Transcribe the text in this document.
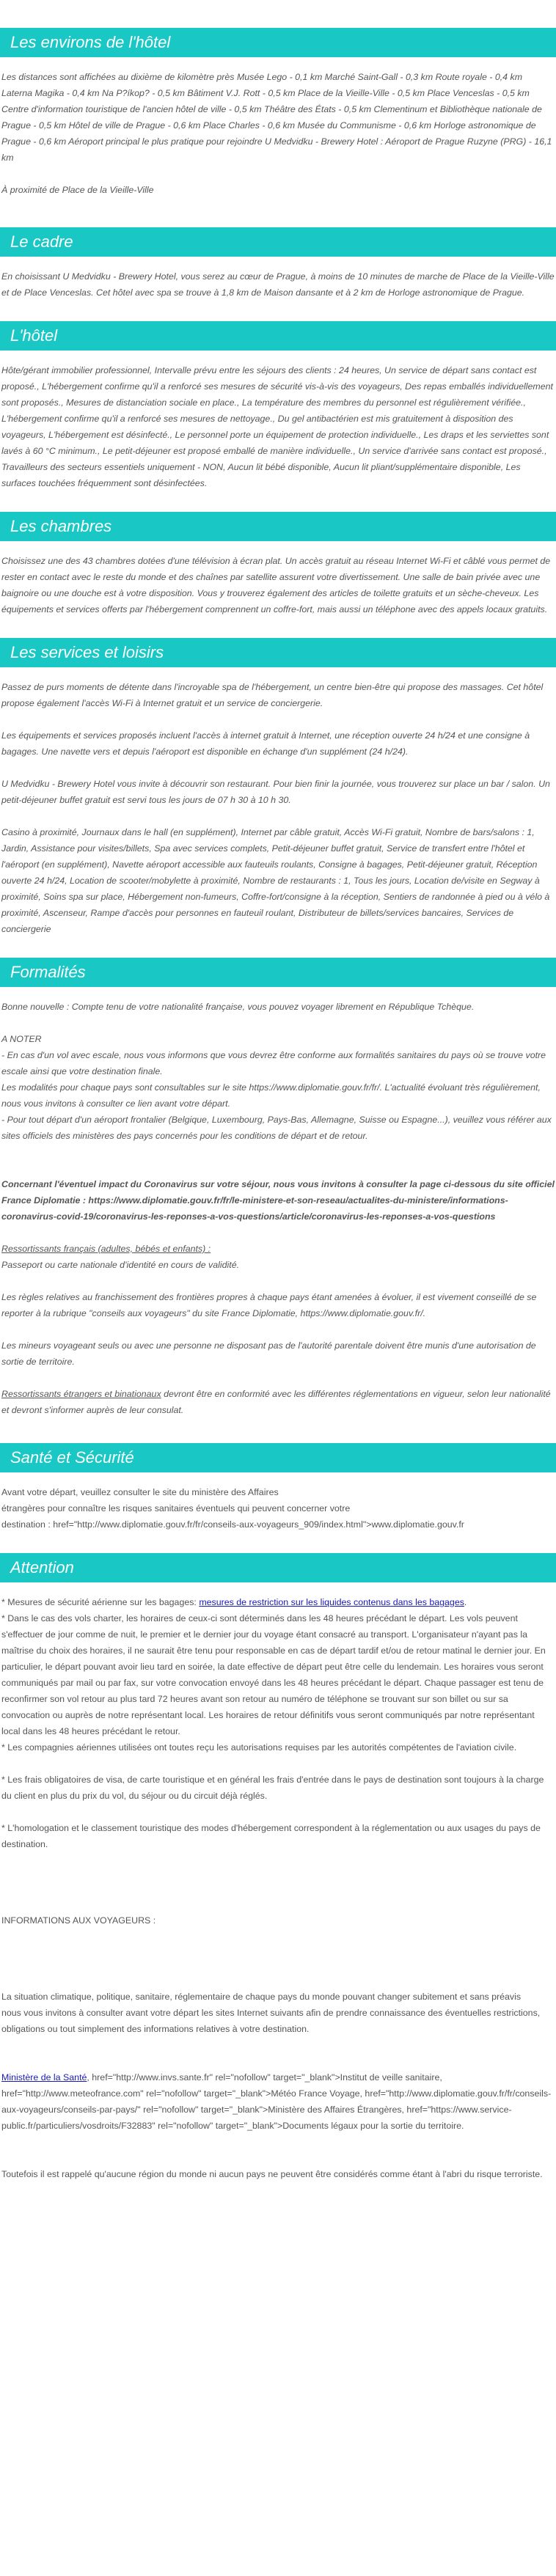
Les environs de l'hôtel

Les distances sont affichées au dixième de kilomètre près Musée Lego - 0,1 km Marché Saint-Gall - 0,3 km Route royale - 0,4 km Laterna Magika - 0,4 km Na P?íkop? - 0,5 km Bâtiment V.J. Rott - 0,5 km Place de la Vieille-Ville - 0,5 km Place Venceslas - 0,5 km Centre d'information touristique de l'ancien hôtel de ville - 0,5 km Théâtre des États - 0,5 km Clementinum et Bibliothèque nationale de Prague - 0,5 km Hôtel de ville de Prague - 0,6 km Place Charles - 0,6 km Musée du Communisme - 0,6 km Horloge astronomique de Prague - 0,6 km Aéroport principal le plus pratique pour rejoindre U Medvidku - Brewery Hotel : Aéroport de Prague Ruzyne (PRG) - 16,1 km

À proximité de Place de la Vieille-Ville

Le cadre

En choisissant U Medvidku - Brewery Hotel, vous serez au cœur de Prague, à moins de 10 minutes de marche de Place de la Vieille-Ville et de Place Venceslas. Cet hôtel avec spa se trouve à 1,8 km de Maison dansante et à 2 km de Horloge astronomique de Prague.

L'hôtel

Hôte/gérant immobilier professionnel, Intervalle prévu entre les séjours des clients : 24 heures, Un service de départ sans contact est proposé., L'hébergement confirme qu'il a renforcé ses mesures de sécurité vis-à-vis des voyageurs, Des repas emballés individuellement sont proposés., Mesures de distanciation sociale en place., La température des membres du personnel est régulièrement vérifiée., L'hébergement confirme qu'il a renforcé ses mesures de nettoyage., Du gel antibactérien est mis gratuitement à disposition des voyageurs, L'hébergement est désinfecté., Le personnel porte un équipement de protection individuelle., Les draps et les serviettes sont lavés à 60 °C minimum., Le petit-déjeuner est proposé emballé de manière individuelle., Un service d'arrivée sans contact est proposé., Travailleurs des secteurs essentiels uniquement - NON, Aucun lit bébé disponible, Aucun lit pliant/supplémentaire disponible, Les surfaces touchées fréquemment sont désinfectées.

Les chambres

Choisissez une des 43 chambres dotées d'une télévision à écran plat. Un accès gratuit au réseau Internet Wi-Fi et câblé vous permet de rester en contact avec le reste du monde et des chaînes par satellite assurent votre divertissement. Une salle de bain privée avec une baignoire ou une douche est à votre disposition. Vous y trouverez également des articles de toilette gratuits et un sèche-cheveux. Les équipements et services offerts par l'hébergement comprennent un coffre-fort, mais aussi un téléphone avec des appels locaux gratuits.

Les services et loisirs

Passez de purs moments de détente dans l'incroyable spa de l'hébergement, un centre bien-être qui propose des massages. Cet hôtel propose également l'accès Wi-Fi à Internet gratuit et un service de conciergerie.

Les équipements et services proposés incluent l'accès à internet gratuit à Internet, une réception ouverte 24 h/24 et une consigne à bagages. Une navette vers et depuis l'aéroport est disponible en échange d'un supplément (24 h/24).

U Medvidku - Brewery Hotel vous invite à découvrir son restaurant. Pour bien finir la journée, vous trouverez sur place un bar / salon. Un petit-déjeuner buffet gratuit est servi tous les jours de 07 h 30 à 10 h 30.

Casino à proximité, Journaux dans le hall (en supplément), Internet par câble gratuit, Accès Wi-Fi gratuit, Nombre de bars/salons : 1, Jardin, Assistance pour visites/billets, Spa avec services complets, Petit-déjeuner buffet gratuit, Service de transfert entre l'hôtel et l'aéroport (en supplément), Navette aéroport accessible aux fauteuils roulants, Consigne à bagages, Petit-déjeuner gratuit, Réception ouverte 24 h/24, Location de scooter/mobylette à proximité, Nombre de restaurants : 1, Tous les jours, Location de/visite en Segway à proximité, Soins spa sur place, Hébergement non-fumeurs, Coffre-fort/consigne à la réception, Sentiers de randonnée à pied ou à vélo à proximité, Ascenseur, Rampe d'accès pour personnes en fauteuil roulant, Distributeur de billets/services bancaires, Services de conciergerie

Formalités

Bonne nouvelle : Compte tenu de votre nationalité française, vous pouvez voyager librement en République Tchèque.

A NOTER

- En cas d'un vol avec escale, nous vous informons que vous devrez être conforme aux formalités sanitaires du pays où se trouve votre escale ainsi que votre destination finale.

Les modalités pour chaque pays sont consultables sur le site https://www.diplomatie.gouv.fr/fr/. L'actualité évoluant très régulièrement, nous vous invitons à consulter ce lien avant votre départ.

- Pour tout départ d'un aéroport frontalier (Belgique, Luxembourg, Pays-Bas, Allemagne, Suisse ou Espagne...), veuillez vous référer aux sites officiels des ministères des pays concernés pour les conditions de départ et de retour.

Concernant l'éventuel impact du Coronavirus sur votre séjour, nous vous invitons à consulter la page ci-dessous du site officiel France Diplomatie : https://www.diplomatie.gouv.fr/fr/le-ministere-et-son-reseau/actualites-du-ministere/informations-coronavirus-covid-19/coronavirus-les-reponses-a-vos-questions/article/coronavirus-les-reponses-a-vos-questions

Ressortissants français (adultes, bébés et enfants) :

Passeport ou carte nationale d'identité en cours de validité.

Les règles relatives au franchissement des frontières propres à chaque pays étant amenées à évoluer, il est vivement conseillé de se reporter à la rubrique "conseils aux voyageurs" du site France Diplomatie, https://www.diplomatie.gouv.fr/.

Les mineurs voyageant seuls ou avec une personne ne disposant pas de l'autorité parentale doivent être munis d'une autorisation de sortie de territoire.

Ressortissants étrangers et binationaux devront être en conformité avec les différentes réglementations en vigueur, selon leur nationalité et devront s'informer auprès de leur consulat.

Santé et Sécurité

Avant votre départ, veuillez consulter le site du ministère des Affaires

étrangères pour connaître les risques sanitaires éventuels qui peuvent concerner votre

destination : href="http://www.diplomatie.gouv.fr/fr/conseils-aux-voyageurs_909/index.html">www.diplomatie.gouv.fr

Attention

* Mesures de sécurité aérienne sur les bagages: mesures de restriction sur les liquides contenus dans les bagages.

* Dans le cas des vols charter, les horaires de ceux-ci sont déterminés dans les 48 heures précédant le départ. Les vols peuvent s'effectuer de jour comme de nuit, le premier et le dernier jour du voyage étant consacré au transport. L'organisateur n'ayant pas la maîtrise du choix des horaires, il ne saurait être tenu pour responsable en cas de départ tardif et/ou de retour matinal le dernier jour. En particulier, le départ pouvant avoir lieu tard en soirée, la date effective de départ peut être celle du lendemain. Les horaires vous seront communiqués par mail ou par fax, sur votre convocation envoyé dans les 48 heures précédant le départ. Chaque passager est tenu de reconfirmer son vol retour au plus tard 72 heures avant son retour au numéro de téléphone se trouvant sur son billet ou sur sa convocation ou auprès de notre représentant local. Les horaires de retour définitifs vous seront communiqués par notre représentant local dans les 48 heures précédant le retour.

* Les compagnies aériennes utilisées ont toutes reçu les autorisations requises par les autorités compétentes de l'aviation civile.

* Les frais obligatoires de visa, de carte touristique et en général les frais d'entrée dans le pays de destination sont toujours à la charge du client en plus du prix du vol, du séjour ou du circuit déjà réglés.

* L'homologation et le classement touristique des modes d'hébergement correspondent à la réglementation ou aux usages du pays de destination.

INFORMATIONS AUX VOYAGEURS :

La situation climatique, politique, sanitaire, réglementaire de chaque pays du monde pouvant changer subitement et sans préavis

nous vous invitons à consulter avant votre départ les sites Internet suivants afin de prendre connaissance des éventuelles restrictions, obligations ou tout simplement des informations relatives à votre destination.

Ministère de la Santé, href="http://www.invs.sante.fr" rel="nofollow" target="_blank">Institut de veille sanitaire, href="http://www.meteofrance.com" rel="nofollow" target="_blank">Météo France Voyage, href="http://www.diplomatie.gouv.fr/fr/conseils-aux-voyageurs/conseils-par-pays/" rel="nofollow" target="_blank">Ministère des Affaires Étrangères, href="https://www.service-public.fr/particuliers/vosdroits/F32883" rel="nofollow" target="_blank">Documents légaux pour la sortie du territoire.

Toutefois il est rappelé qu'aucune région du monde ni aucun pays ne peuvent être considérés comme étant à l'abri du risque terroriste.
